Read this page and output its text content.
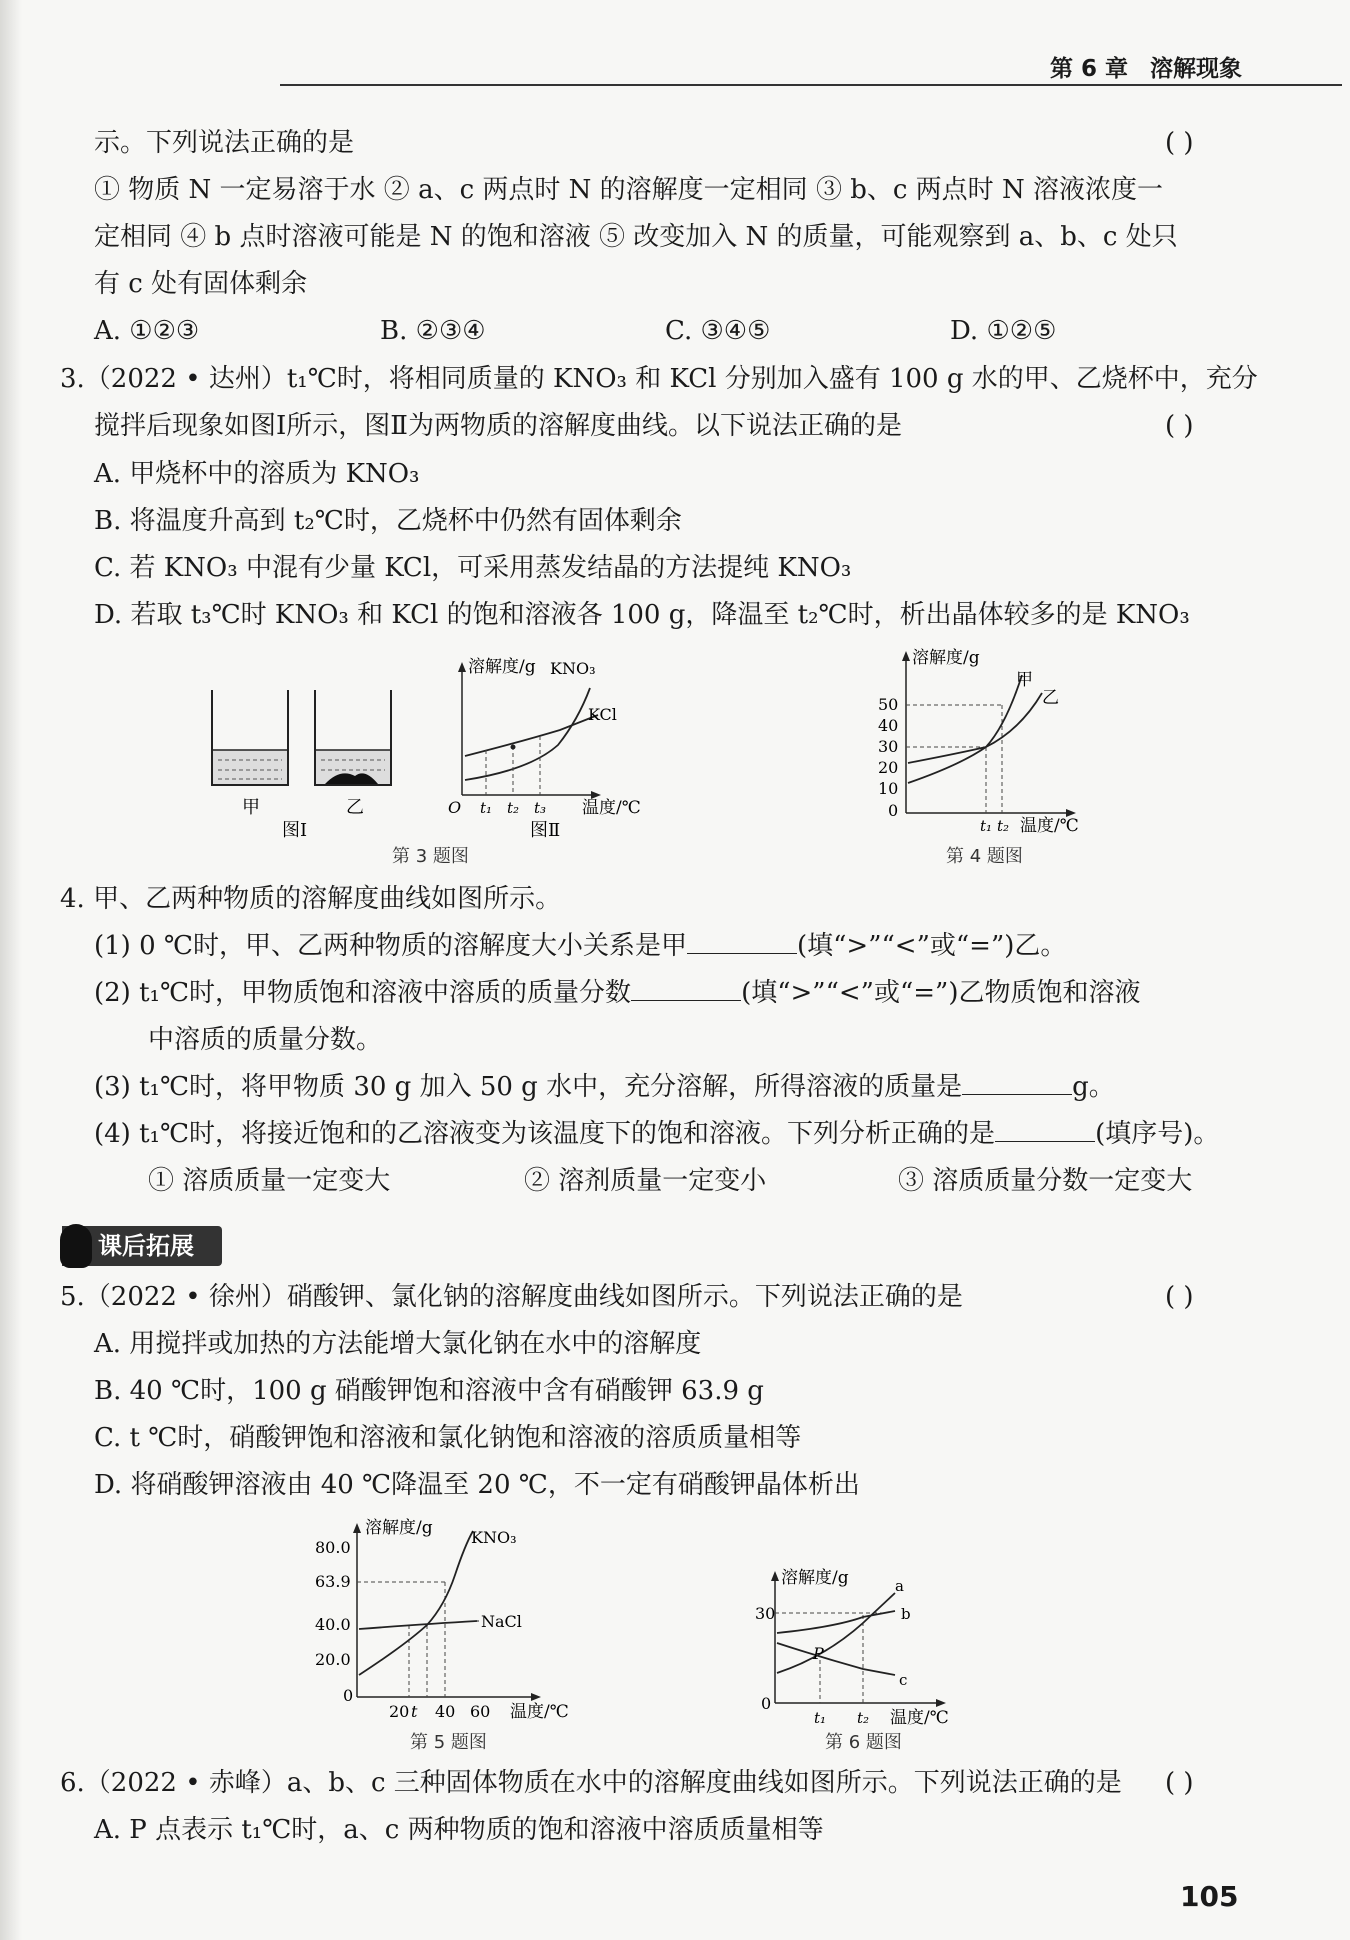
第 6 章 溶解现象
示。下列说法正确的是	( )
① 物质 N 一定易溶于水 ② a、c 两点时 N 的溶解度一定相同 ③ b、c 两点时 N 溶液浓度一
定相同 ④ b 点时溶液可能是 N 的饱和溶液 ⑤ 改变加入 N 的质量，可能观察到 a、b、c 处只
有 c 处有固体剩余
A. ①②③	B. ②③④	C. ③④⑤	D. ①②⑤
3.（2022 • 达州）t₁℃时，将相同质量的 KNO₃ 和 KCl 分别加入盛有 100 g 水的甲、乙烧杯中，充分
搅拌后现象如图Ⅰ所示，图Ⅱ为两物质的溶解度曲线。以下说法正确的是	( )
A. 甲烧杯中的溶质为 KNO₃
B. 将温度升高到 t₂℃时，乙烧杯中仍然有固体剩余
C. 若 KNO₃ 中混有少量 KCl，可采用蒸发结晶的方法提纯 KNO₃
D. 若取 t₃℃时 KNO₃ 和 KCl 的饱和溶液各 100 g，降温至 t₂℃时，析出晶体较多的是 KNO₃
甲	乙
图Ⅰ
溶解度/g KNO₃
KCl
O t₁ t₂ t₃ 温度/℃
图Ⅱ
第 3 题图
溶解度/g
甲
乙
50
40
30
20
10
0
t₁ t₂ 温度/℃
第 4 题图
4. 甲、乙两种物质的溶解度曲线如图所示。
(1) 0 ℃时，甲、乙两种物质的溶解度大小关系是甲	(填“>”“<”或“=”)乙。
(2) t₁℃时，甲物质饱和溶液中溶质的质量分数	(填“>”“<”或“=”)乙物质饱和溶液
中溶质的质量分数。
(3) t₁℃时，将甲物质 30 g 加入 50 g 水中，充分溶解，所得溶液的质量是	g。
(4) t₁℃时，将接近饱和的乙溶液变为该温度下的饱和溶液。下列分析正确的是	(填序号)。
① 溶质质量一定变大	② 溶剂质量一定变小	③ 溶质质量分数一定变大
课后拓展
5.（2022 • 徐州）硝酸钾、氯化钠的溶解度曲线如图所示。下列说法正确的是	( )
A. 用搅拌或加热的方法能增大氯化钠在水中的溶解度
B. 40 ℃时，100 g 硝酸钾饱和溶液中含有硝酸钾 63.9 g
C. t ℃时，硝酸钾饱和溶液和氯化钠饱和溶液的溶质质量相等
D. 将硝酸钾溶液由 40 ℃降温至 20 ℃，不一定有硝酸钾晶体析出
溶解度/g KNO₃
NaCl
80.0
63.9
40.0
20.0
0
20 t 40 60 温度/℃
第 5 题图
溶解度/g	a
b
c
P
30
0
t₁ t₂ 温度/℃
第 6 题图
6.（2022 • 赤峰）a、b、c 三种固体物质在水中的溶解度曲线如图所示。下列说法正确的是 ( )
A. P 点表示 t₁℃时，a、c 两种物质的饱和溶液中溶质质量相等
105
